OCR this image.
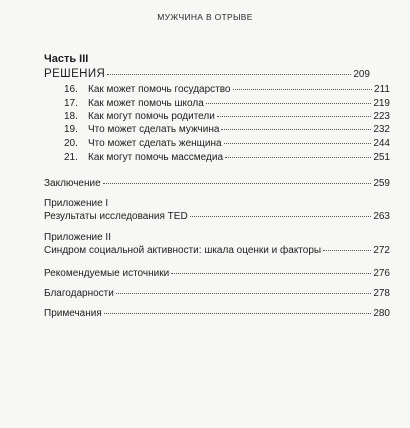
МУЖЧИНА В ОТРЫВЕ
Часть III
РЕШЕНИЯ	209
16.	Как может помочь государство	211
17.	Как может помочь школа	219
18.	Как могут помочь родители	223
19.	Что может сделать мужчина	232
20.	Что может сделать женщина	244
21.	Как могут помочь массмедиа	251
Заключение	259
Приложение I
Результаты исследования TED	263
Приложение II
Синдром социальной активности: шкала оценки и факторы	272
Рекомендуемые источники	276
Благодарности	278
Примечания	280
